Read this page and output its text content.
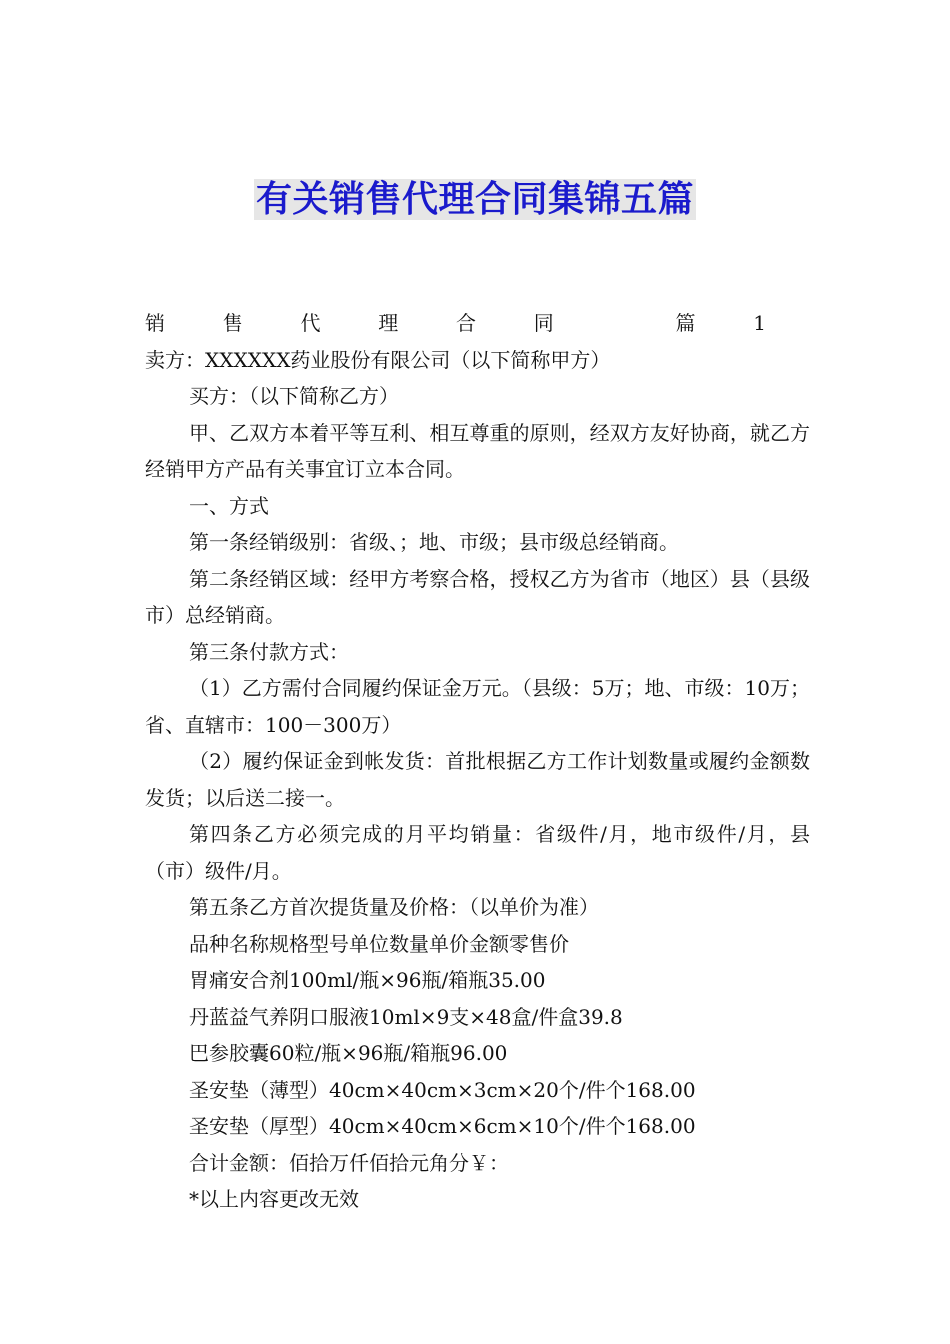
有关销售代理合同集锦五篇

销售代理合同 篇1卖方：XXXXXX药业股份有限公司（以下简称甲方）

买方：（以下简称乙方）

甲、乙双方本着平等互利、相互尊重的原则，经双方友好协商，就乙方经销甲方产品有关事宜订立本合同。

一、方式

第一条经销级别：省级、；地、市级；县市级总经销商。

第二条经销区域：经甲方考察合格，授权乙方为省市（地区）县（县级市）总经销商。

第三条付款方式：

（1）乙方需付合同履约保证金万元。（县级：5万；地、市级：10万；省、直辖市：100－300万）

（2）履约保证金到帐发货：首批根据乙方工作计划数量或履约金额数发货；以后送二接一。

第四条乙方必须完成的月平均销量：省级件/月，地市级件/月，县（市）级件/月。

第五条乙方首次提货量及价格：（以单价为准）

品种名称规格型号单位数量单价金额零售价

胃痛安合剂100ml/瓶×96瓶/箱瓶35.00

丹蓝益气养阴口服液10ml×9支×48盒/件盒39.8

巴参胶囊60粒/瓶×96瓶/箱瓶96.00

圣安垫（薄型）40cm×40cm×3cm×20个/件个168.00

圣安垫（厚型）40cm×40cm×6cm×10个/件个168.00

合计金额：佰拾万仟佰拾元角分￥：

*以上内容更改无效
